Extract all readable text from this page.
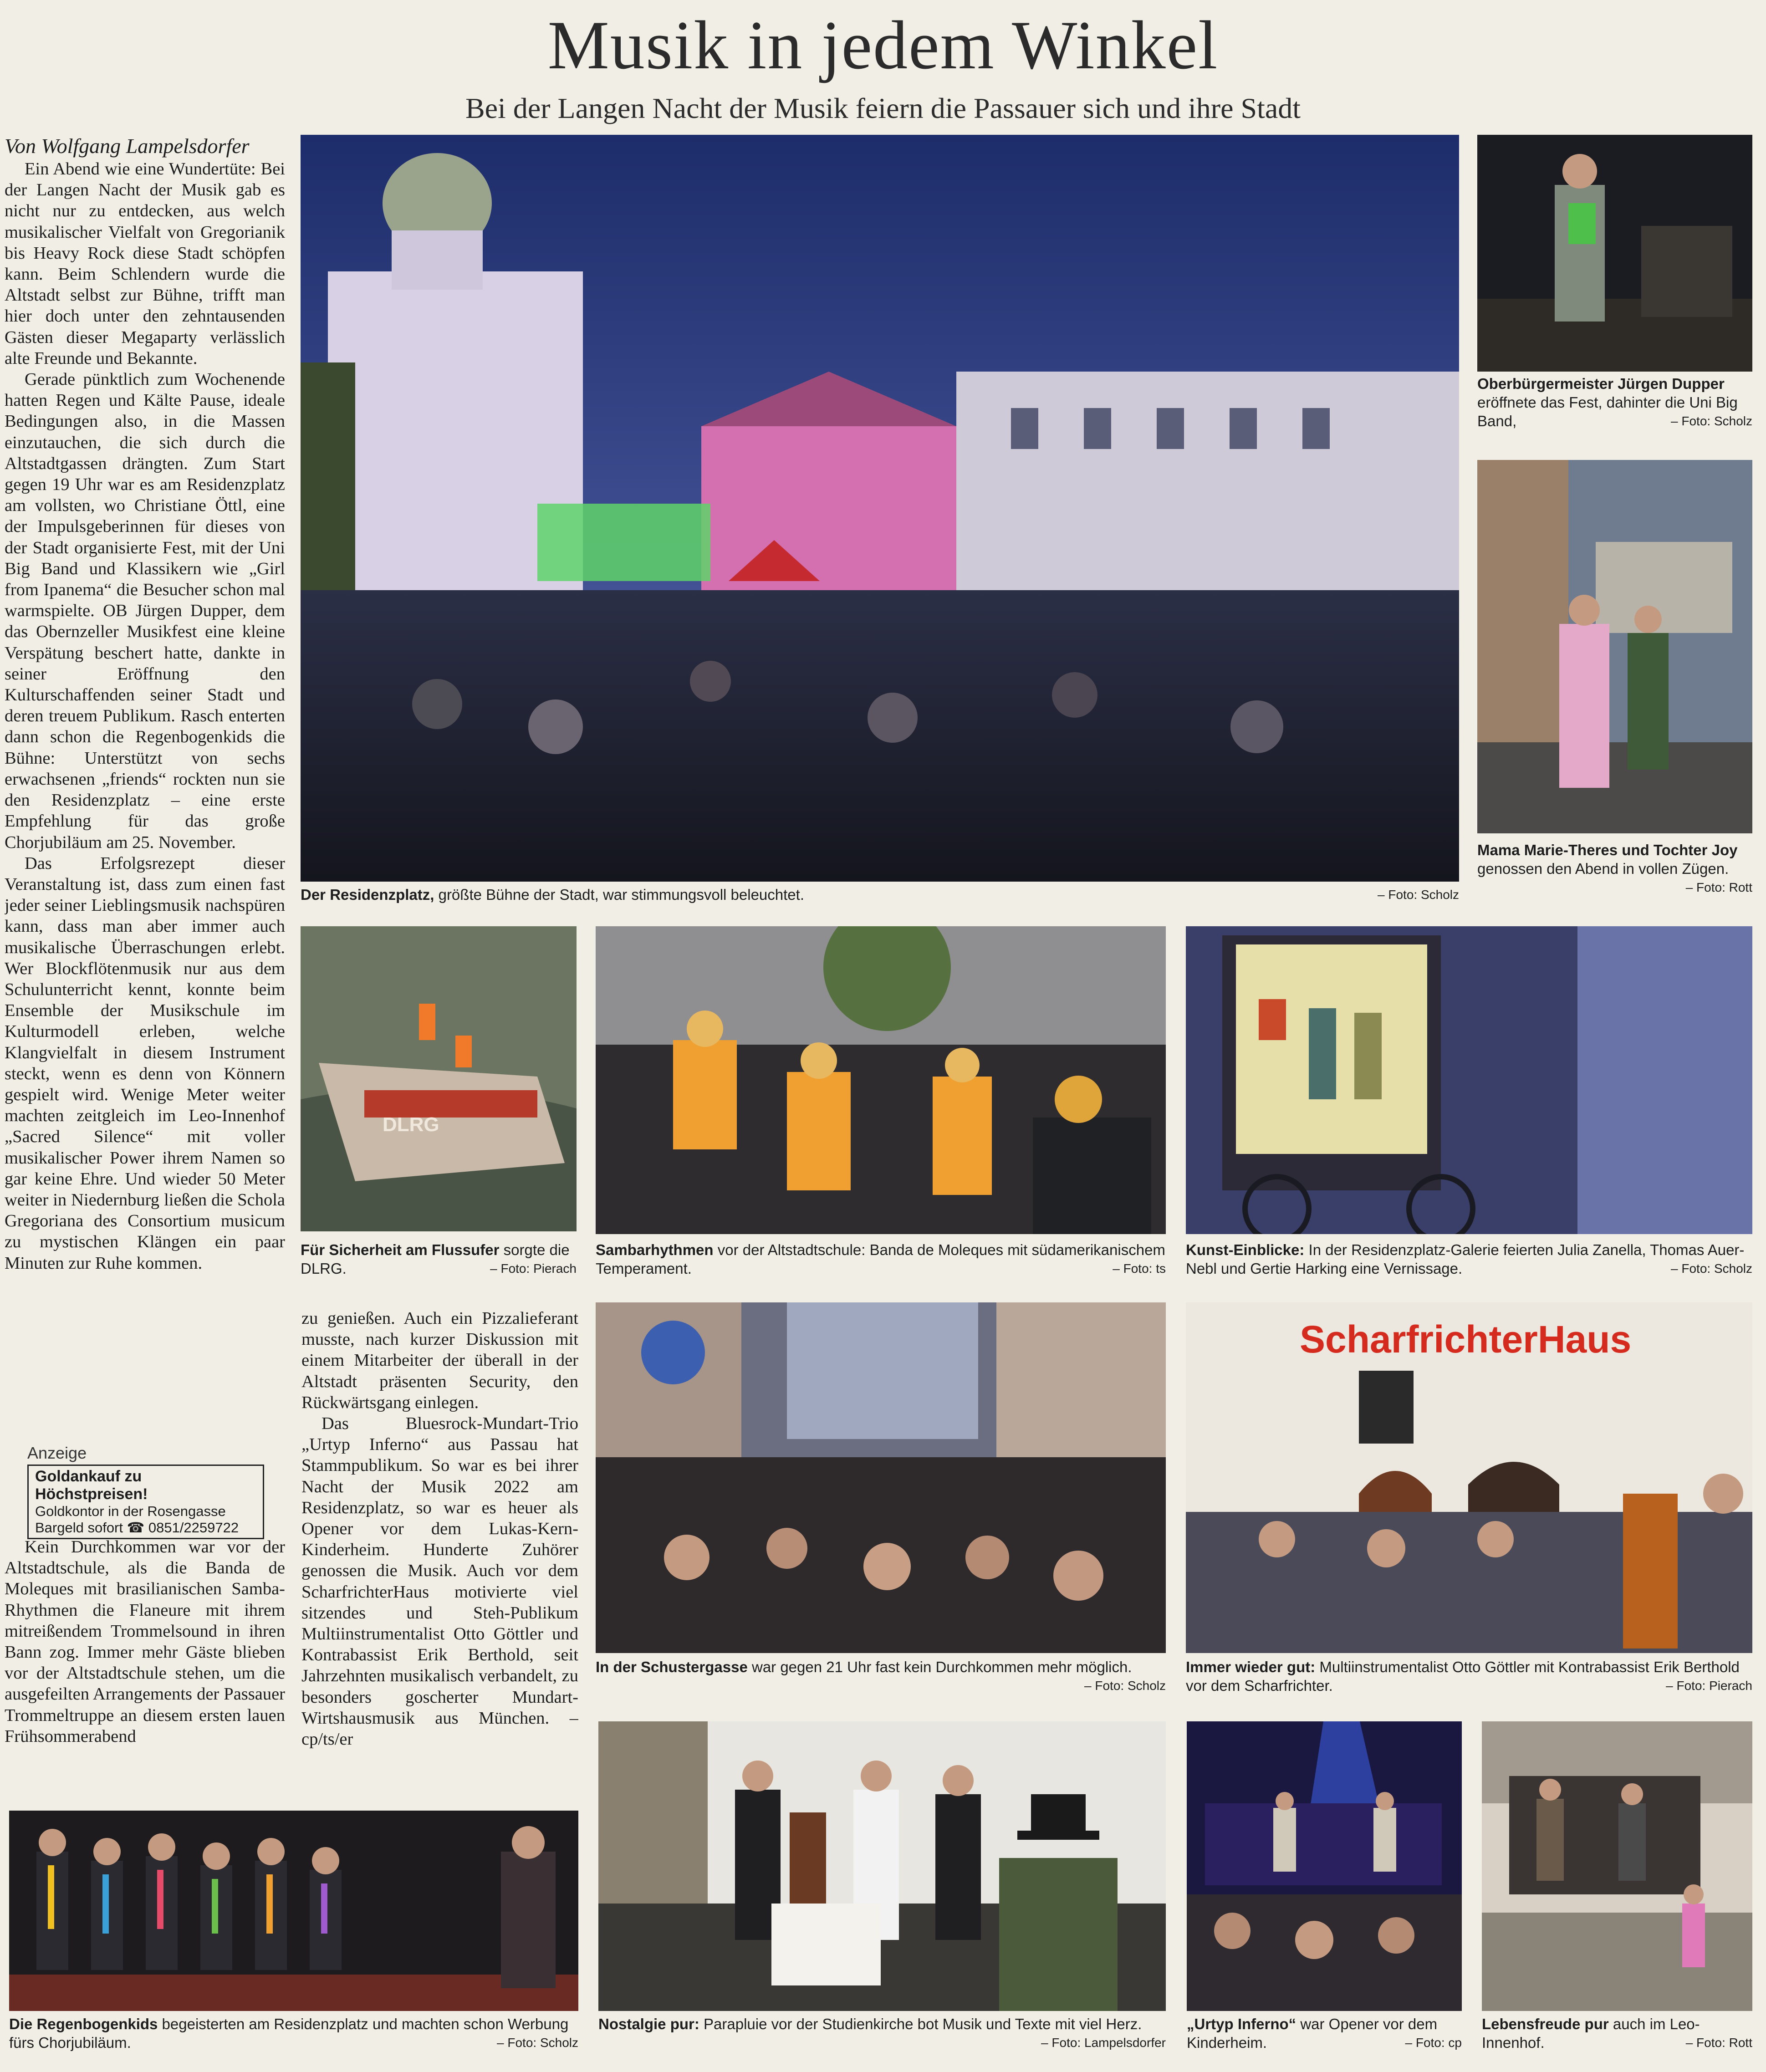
Musik in jedem Winkel
Bei der Langen Nacht der Musik feiern die Passauer sich und ihre Stadt
Von Wolfgang Lampelsdorfer

Ein Abend wie eine Wundertüte: Bei der Langen Nacht der Musik gab es nicht nur zu entdecken, aus welch musikalischer Vielfalt von Gregorianik bis Heavy Rock diese Stadt schöpfen kann. Beim Schlendern wurde die Altstadt selbst zur Bühne, trifft man hier doch unter den zehntausenden Gästen dieser Megaparty verlässlich alte Freunde und Bekannte.

Gerade pünktlich zum Wochenende hatten Regen und Kälte Pause, ideale Bedingungen also, in die Massen einzutauchen, die sich durch die Altstadtgassen drängten. Zum Start gegen 19 Uhr war es am Residenzplatz am vollsten, wo Christiane Öttl, eine der Impulsgeberinnen für dieses von der Stadt organisierte Fest, mit der Uni Big Band und Klassikern wie „Girl from Ipanema“ die Besucher schon mal warmspielte. OB Jürgen Dupper, dem das Obernzeller Musikfest eine kleine Verspätung beschert hatte, dankte in seiner Eröffnung den Kulturschaffenden seiner Stadt und deren treuem Publikum. Rasch enterten dann schon die Regenbogenkids die Bühne: Unterstützt von sechs erwachsenen „friends“ rockten nun sie den Residenzplatz – eine erste Empfehlung für das große Chorjubiläum am 25. November.

Das Erfolgsrezept dieser Veranstaltung ist, dass zum einen fast jeder seiner Lieblingsmusik nachspüren kann, dass man aber immer auch musikalische Überraschungen erlebt. Wer Blockflötenmusik nur aus dem Schulunterricht kennt, konnte beim Ensemble der Musikschule im Kulturmodell erleben, welche Klangvielfalt in diesem Instrument steckt, wenn es denn von Könnern gespielt wird. Wenige Meter weiter machten zeitgleich im Leo-Innenhof „Sacred Silence“ mit voller musikalischer Power ihrem Namen so gar keine Ehre. Und wieder 50 Meter weiter in Niedernburg ließen die Schola Gregoriana des Consortium musicum zu mystischen Klängen ein paar Minuten zur Ruhe kommen.

Anzeige
Goldankauf zu Höchstpreisen!
Goldkontor in der Rosengasse
Bargeld sofort ☎ 0851/2259722

Kein Durchkommen war vor der Altstadtschule, als die Banda de Moleques mit brasilianischen Samba-Rhythmen die Flaneure mit ihrem mitreißendem Trommelsound in ihren Bann zog. Immer mehr Gäste blieben vor der Altstadtschule stehen, um die ausgefeilten Arrangements der Passauer Trommeltruppe an diesem ersten lauen Frühsommerabend

zu genießen. Auch ein Pizzalieferant musste, nach kurzer Diskussion mit einem Mitarbeiter der überall in der Altstadt präsenten Security, den Rückwärtsgang einlegen.

Das Bluesrock-Mundart-Trio „Urtyp Inferno“ aus Passau hat Stammpublikum. So war es bei ihrer Nacht der Musik 2022 am Residenzplatz, so war es heuer als Opener vor dem Lukas-Kern-Kinderheim. Hunderte Zuhörer genossen die Musik. Auch vor dem ScharfrichterHaus motivierte viel sitzendes und Steh-Publikum Multiinstrumentalist Otto Göttler und Kontrabassist Erik Berthold, seit Jahrzehnten musikalisch verbandelt, zu besonders goscherter Mundart-Wirtshausmusik aus München. –cp/ts/er

– Foto: Scholz
Der Residenzplatz, größte Bühne der Stadt, war stimmungsvoll beleuchtet.
Oberbürgermeister Jürgen Dupper eröffnete das Fest, dahinter die Uni Big Band,	– Foto: Scholz
Mama Marie-Theres und Tochter Joy genossen den Abend in vollen Zügen.
– Foto: Rott
DLRG
Für Sicherheit am Flussufer sorgte die DLRG.	– Foto: Pierach
Sambarhythmen vor der Altstadtschule: Banda de Moleques mit südamerikanischem Temperament.	– Foto: ts
Kunst-Einblicke: In der Residenzplatz-Galerie feierten Julia Zanella, Thomas Auer-Nebl und Gertie Harking eine Vernissage.	– Foto: Scholz
In der Schustergasse war gegen 21 Uhr fast kein Durchkommen mehr möglich.
– Foto: Scholz
ScharfrichterHaus
Immer wieder gut: Multiinstrumentalist Otto Göttler mit Kontrabassist Erik Berthold vor dem Scharfrichter.	– Foto: Pierach
Die Regenbogenkids begeisterten am Residenzplatz und machten schon Werbung fürs Chorjubiläum.	– Foto: Scholz
Nostalgie pur: Parapluie vor der Studienkirche bot Musik und Texte mit viel Herz.
– Foto: Lampelsdorfer
„Urtyp Inferno“ war Opener vor dem Kinderheim.	– Foto: cp
Lebensfreude pur auch im Leo-Innenhof.	– Foto: Rott
